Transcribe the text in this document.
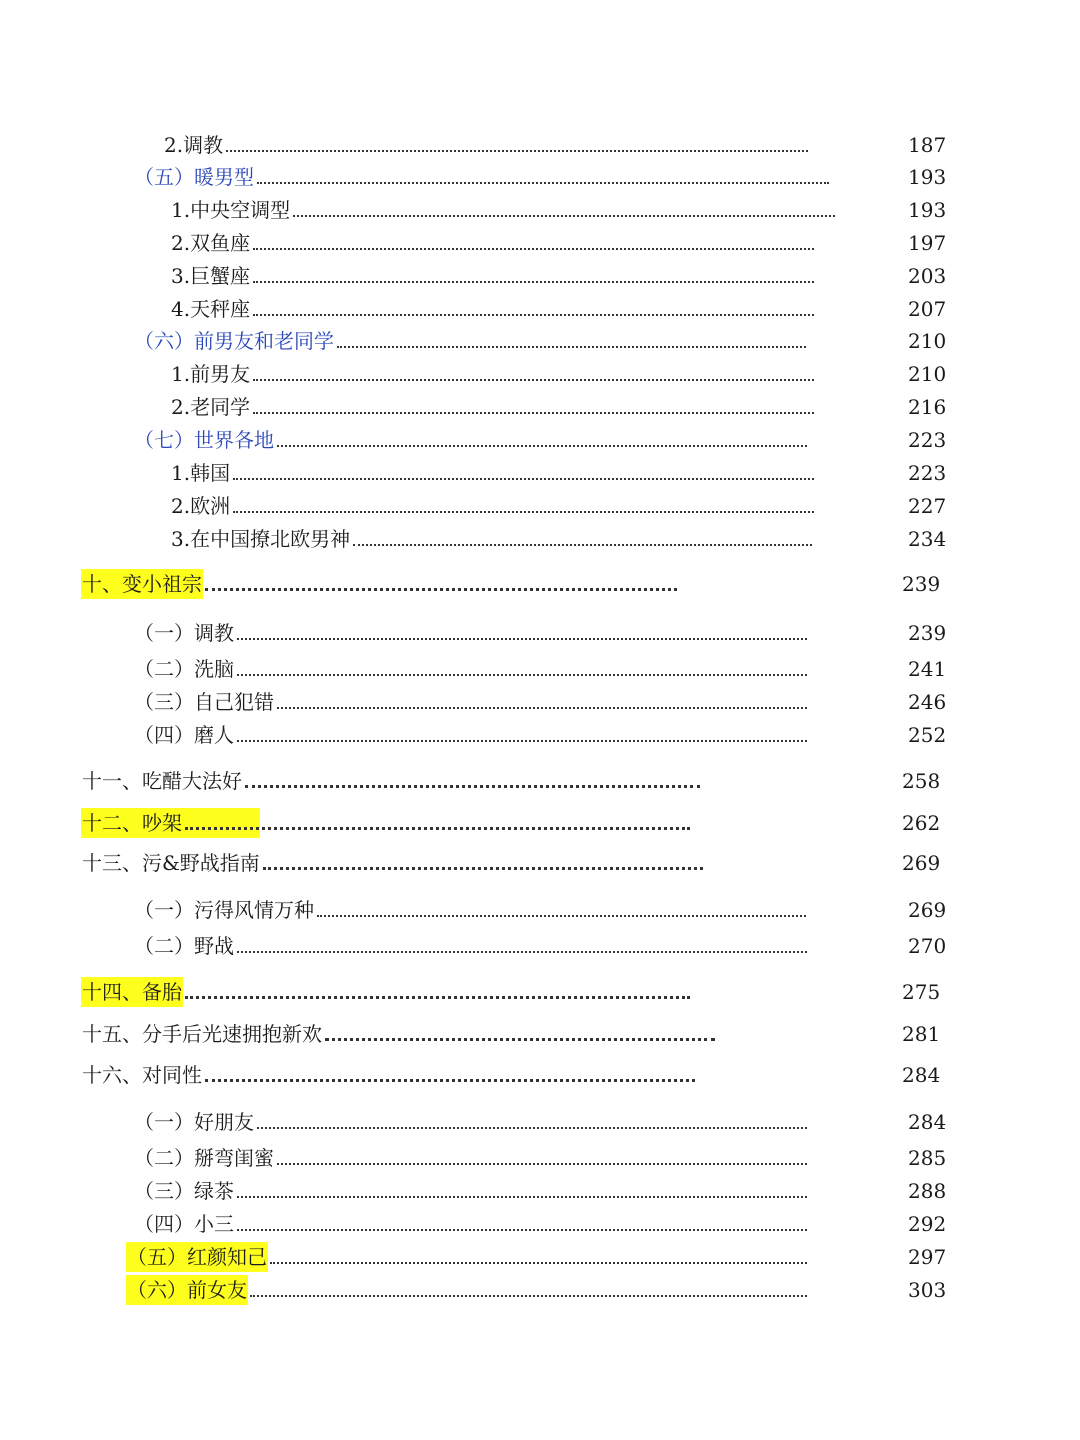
2.调教	187
（五）暖男型	193
1.中央空调型	193
2.双鱼座	197
3.巨蟹座	203
4.天秤座	207
（六）前男友和老同学	210
1.前男友	210
2.老同学	216
（七）世界各地	223
1.韩国	223
2.欧洲	227
3.在中国撩北欧男神	234
十、变小祖宗	239
（一）调教	239
（二）洗脑	241
（三）自己犯错	246
（四）磨人	252
十一、吃醋大法好	258
十二、吵架	262
十三、污&野战指南	269
（一）污得风情万种	269
（二）野战	270
十四、备胎	275
十五、分手后光速拥抱新欢	281
十六、对同性	284
（一）好朋友	284
（二）掰弯闺蜜	285
（三）绿茶	288
（四）小三	292
（五）红颜知己	297
（六）前女友	303
